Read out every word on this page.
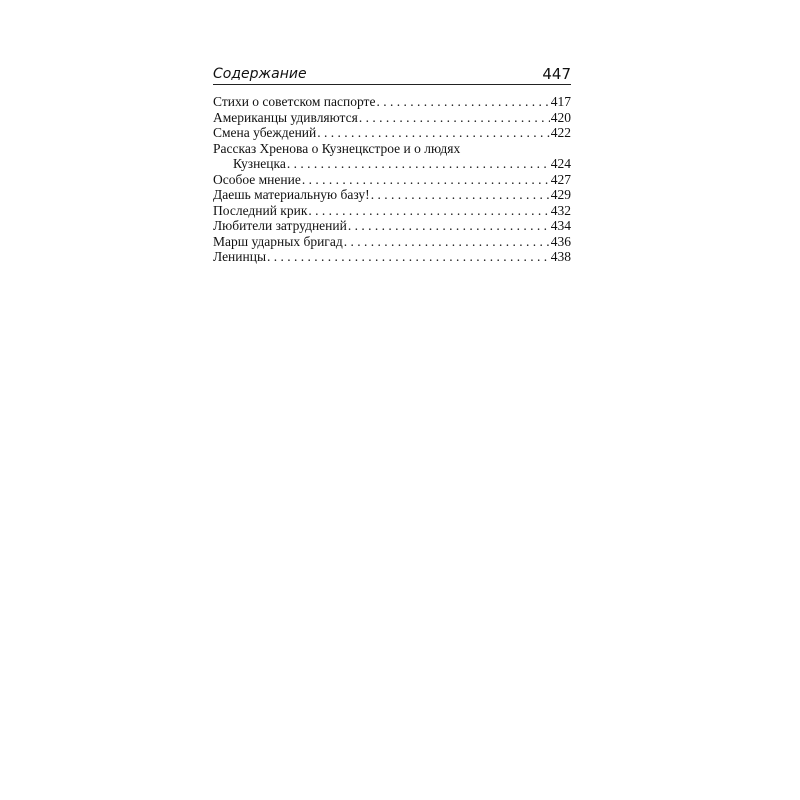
Содержание	447
Стихи о советском паспорте . . .	417
Американцы удивляются . . .	420
Смена убеждений . . .	422
Рассказ Хренова о Кузнецкстрое и о людях
Кузнецка . . .	424
Особое мнение . . .	427
Даешь материальную базу! . . .	429
Последний крик . . .	432
Любители затруднений . . .	434
Марш ударных бригад . . .	436
Ленинцы . . .	438
